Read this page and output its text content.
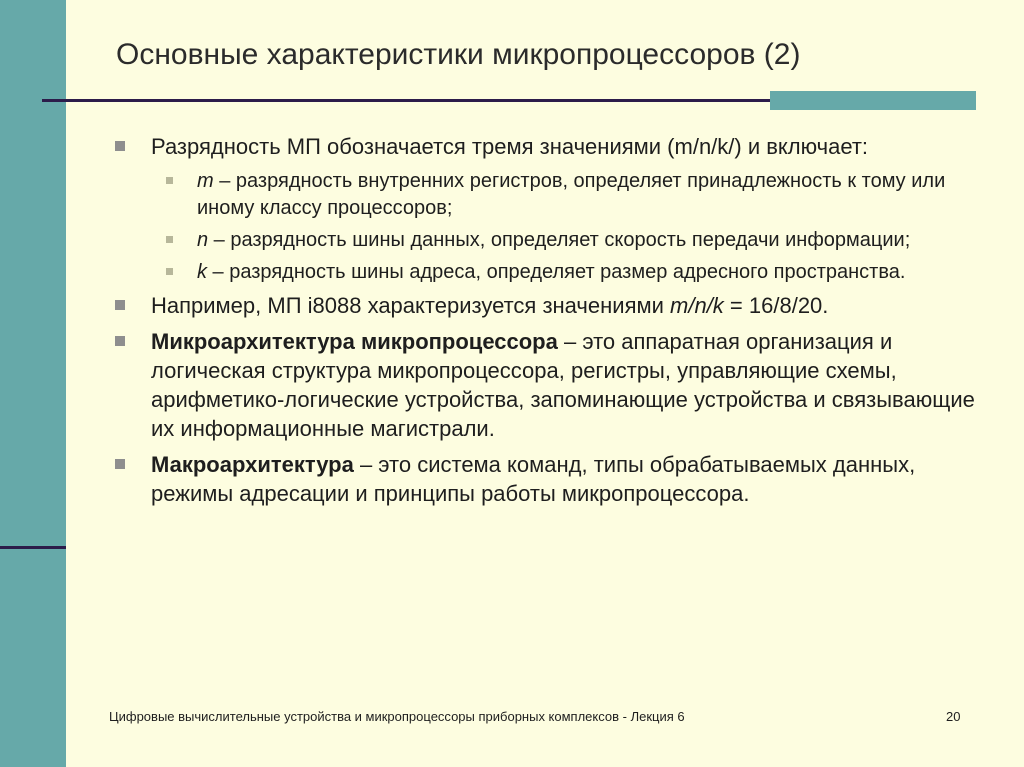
Основные характеристики микропроцессоров (2)
Разрядность МП обозначается тремя значениями (m/n/k/) и включает:
m – разрядность внутренних регистров, определяет принадлежность к тому или иному классу процессоров;
n – разрядность шины данных, определяет скорость передачи информации;
k – разрядность шины адреса, определяет размер адресного пространства.
Например, МП i8088 характеризуется значениями m/n/k = 16/8/20.
Микроархитектура микропроцессора – это аппаратная организация и логическая структура микропроцессора, регистры, управляющие схемы, арифметико-логические устройства, запоминающие устройства и связывающие их информационные магистрали.
Макроархитектура – это система команд, типы обрабатываемых данных, режимы адресации и принципы работы микропроцессора.
Цифровые вычислительные устройства и микропроцессоры приборных комплексов - Лекция 6	20
